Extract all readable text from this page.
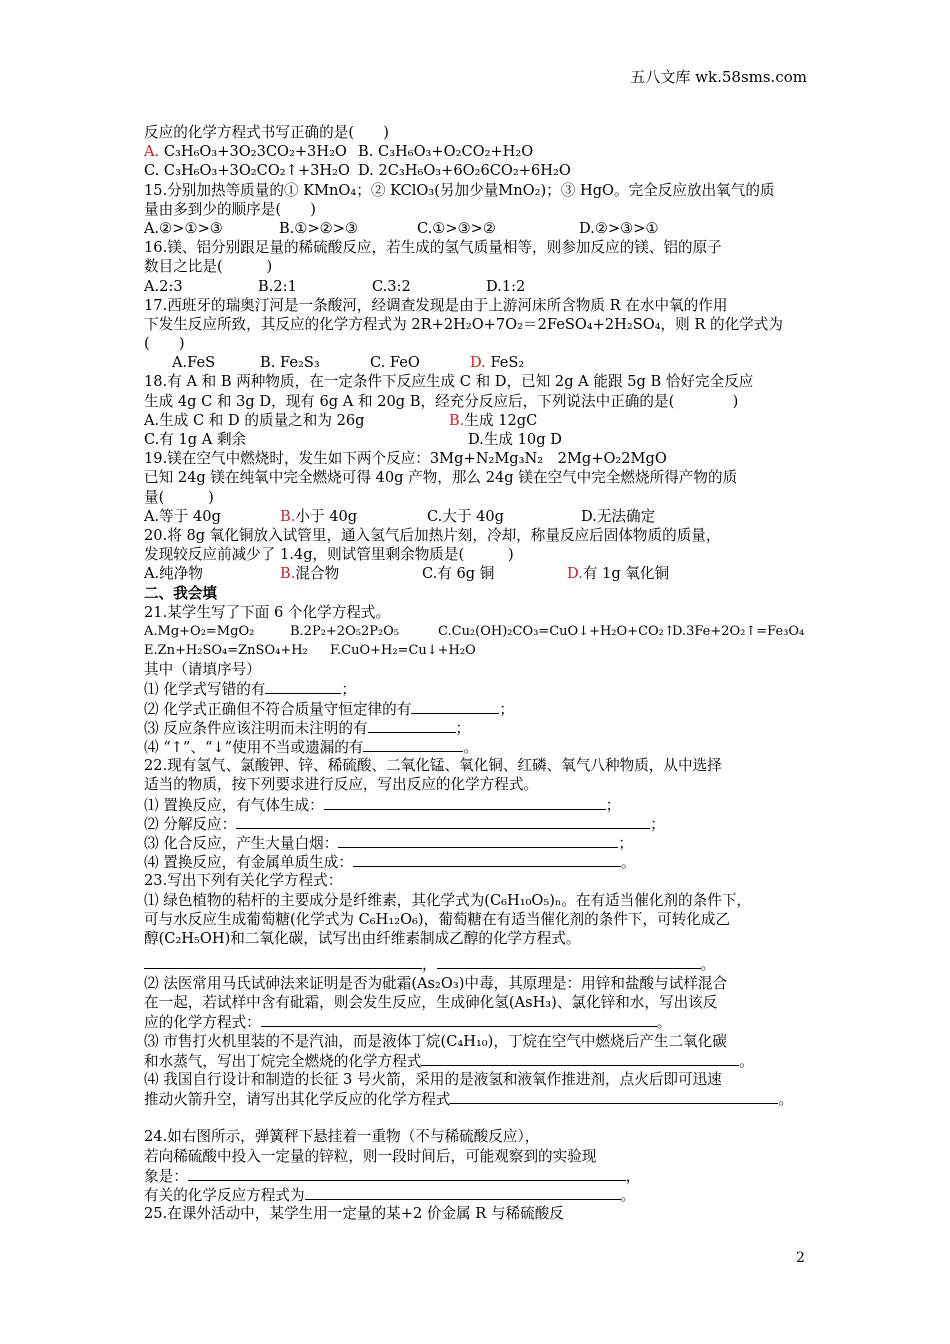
五八文库 wk.58sms.com
反应的化学方程式书写正确的是(　　)
A. C₃H₆O₃+3O₂3CO₂+3H₂O B. C₃H₆O₃+O₂CO₂+H₂O
C. C₃H₆O₃+3O₂CO₂↑+3H₂O D. 2C₃H₆O₃+6O₂6CO₂+6H₂O
15.分别加热等质量的① KMnO₄；② KClO₃(另加少量MnO₂)；③ HgO。完全反应放出氧气的质
量由多到少的顺序是(　　)
A.②>①>③	B.①>②>③	C.①>③>②	D.②>③>①
16.镁、铝分别跟足量的稀硫酸反应，若生成的氢气质量相等，则参加反应的镁、铝的原子
数目之比是(　　　)
A.2:3	B.2:1	C.3:2	D.1:2
17.西班牙的瑞奥汀河是一条酸河，经调查发现是由于上游河床所含物质 R 在水中氧的作用
下发生反应所致，其反应的化学方程式为 2R+2H₂O+7O₂＝2FeSO₄+2H₂SO₄，则 R 的化学式为
(　　)
A.FeS	B. Fe₂S₃	C. FeO	D. FeS₂
18.有 A 和 B 两种物质，在一定条件下反应生成 C 和 D，已知 2g A 能跟 5g B 恰好完全反应
生成 4g C 和 3g D，现有 6g A 和 20g B，经充分反应后，下列说法中正确的是(　　　　)
A.生成 C 和 D 的质量之和为 26g	B.生成 12gC
C.有 1g A 剩余	D.生成 10g D
19.镁在空气中燃烧时，发生如下两个反应：3Mg+N₂Mg₃N₂　2Mg+O₂2MgO
已知 24g 镁在纯氧中完全燃烧可得 40g 产物，那么 24g 镁在空气中完全燃烧所得产物的质
量(　　　)
A.等于 40g	B.小于 40g	C.大于 40g	D.无法确定
20.将 8g 氧化铜放入试管里，通入氢气后加热片刻，冷却，称量反应后固体物质的质量，
发现较反应前减少了 1.4g，则试管里剩余物质是(　　　)
A.纯净物	B.混合物	C.有 6g 铜	D.有 1g 氧化铜
二、我会填
21.某学生写了下面 6 个化学方程式。
A.Mg+O₂=MgO₂	B.2P₂+2O₅2P₂O₅	C.Cu₂(OH)₂CO₃=CuO↓+H₂O+CO₂↑D.3Fe+2O₂↑=Fe₃O₄
E.Zn+H₂SO₄=ZnSO₄+H₂ F.CuO+H₂=Cu↓+H₂O
其中（请填序号）
⑴ 化学式写错的有	；
⑵ 化学式正确但不符合质量守恒定律的有	；
⑶ 反应条件应该注明而未注明的有	；
⑷ “↑”、“↓”使用不当或遗漏的有	。
22.现有氢气、氯酸钾、锌、稀硫酸、二氧化锰、氧化铜、红磷、氧气八种物质，从中选择
适当的物质，按下列要求进行反应，写出反应的化学方程式。
⑴ 置换反应，有气体生成：	；
⑵ 分解反应：	；
⑶ 化合反应，产生大量白烟：	；
⑷ 置换反应，有金属单质生成：	。
23.写出下列有关化学方程式：
⑴ 绿色植物的秸杆的主要成分是纤维素，其化学式为(C₆H₁₀O₅)ₙ。在有适当催化剂的条件下，
可与水反应生成葡萄糖(化学式为 C₆H₁₂O₆)，葡萄糖在有适当催化剂的条件下，可转化成乙
醇(C₂H₅OH)和二氧化碳，试写出由纤维素制成乙醇的化学方程式。
，	。
⑵ 法医常用马氏试砷法来证明是否为砒霜(As₂O₃)中毒，其原理是：用锌和盐酸与试样混合
在一起，若试样中含有砒霜，则会发生反应，生成砷化氢(AsH₃)、氯化锌和水，写出该反
应的化学方程式：	。
⑶ 市售打火机里装的不是汽油，而是液体丁烷(C₄H₁₀)，丁烷在空气中燃烧后产生二氧化碳
和水蒸气，写出丁烷完全燃烧的化学方程式	。
⑷ 我国自行设计和制造的长征 3 号火箭，采用的是液氢和液氧作推进剂，点火后即可迅速
推动火箭升空，请写出其化学反应的化学方程式	。
24.如右图所示，弹簧秤下悬挂着一重物（不与稀硫酸反应），
若向稀硫酸中投入一定量的锌粒，则一段时间后，可能观察到的实验现
象是：	，
有关的化学反应方程式为	。
25.在课外活动中，某学生用一定量的某+2 价金属 R 与稀硫酸反
2
